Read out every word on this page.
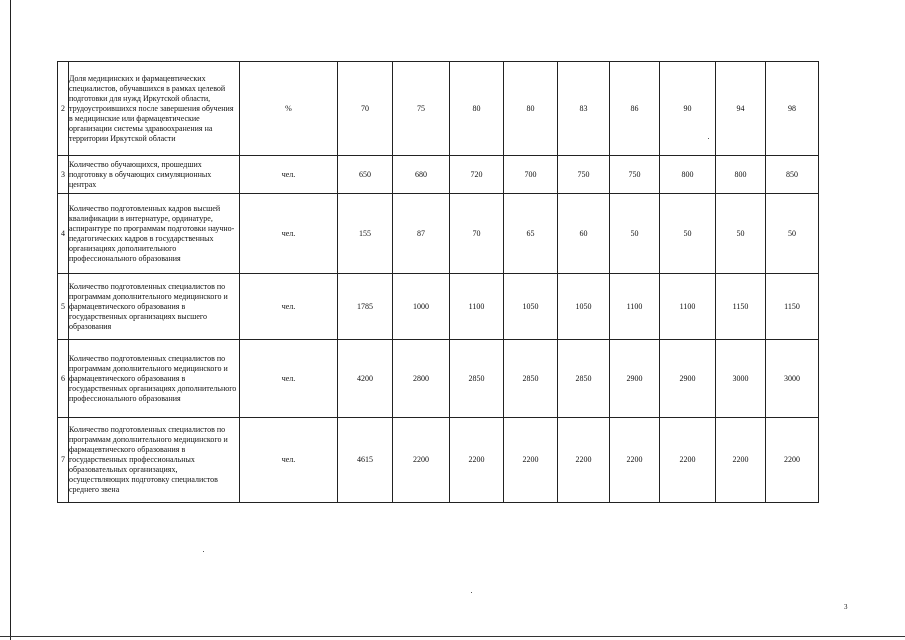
2	Доля медицинских и фармацевтических специалистов, обучавшихся в рамках целевой подготовки для нужд Иркутской области, трудоустроившихся после завершения обучения в медицинские или фармацевтические организации системы здравоохранения на территории Иркутской области	%	70	75	80	80	83	86	90	94	98
3	Количество обучающихся, прошедших подготовку в обучающих симуляционных центрах	чел.	650	680	720	700	750	750	800	800	850
4	Количество подготовленных кадров высшей квалификации в интернатуре, ординатуре, аспирантуре по программам подготовки научно-педагогических кадров в государственных организациях дополнительного профессионального образования	чел.	155	87	70	65	60	50	50	50	50
5	Количество подготовленных специалистов по программам дополнительного медицинского и фармацевтического образования в государственных организациях высшего образования	чел.	1785	1000	1100	1050	1050	1100	1100	1150	1150
6	Количество подготовленных специалистов по программам дополнительного медицинского и фармацевтического образования в государственных организациях дополнительного профессионального образования	чел.	4200	2800	2850	2850	2850	2900	2900	3000	3000
7	Количество подготовленных специалистов по программам дополнительного медицинского и фармацевтического образования в государственных профессиональных образовательных организациях, осуществляющих подготовку специалистов среднего звена	чел.	4615	2200	2200	2200	2200	2200	2200	2200	2200
3
